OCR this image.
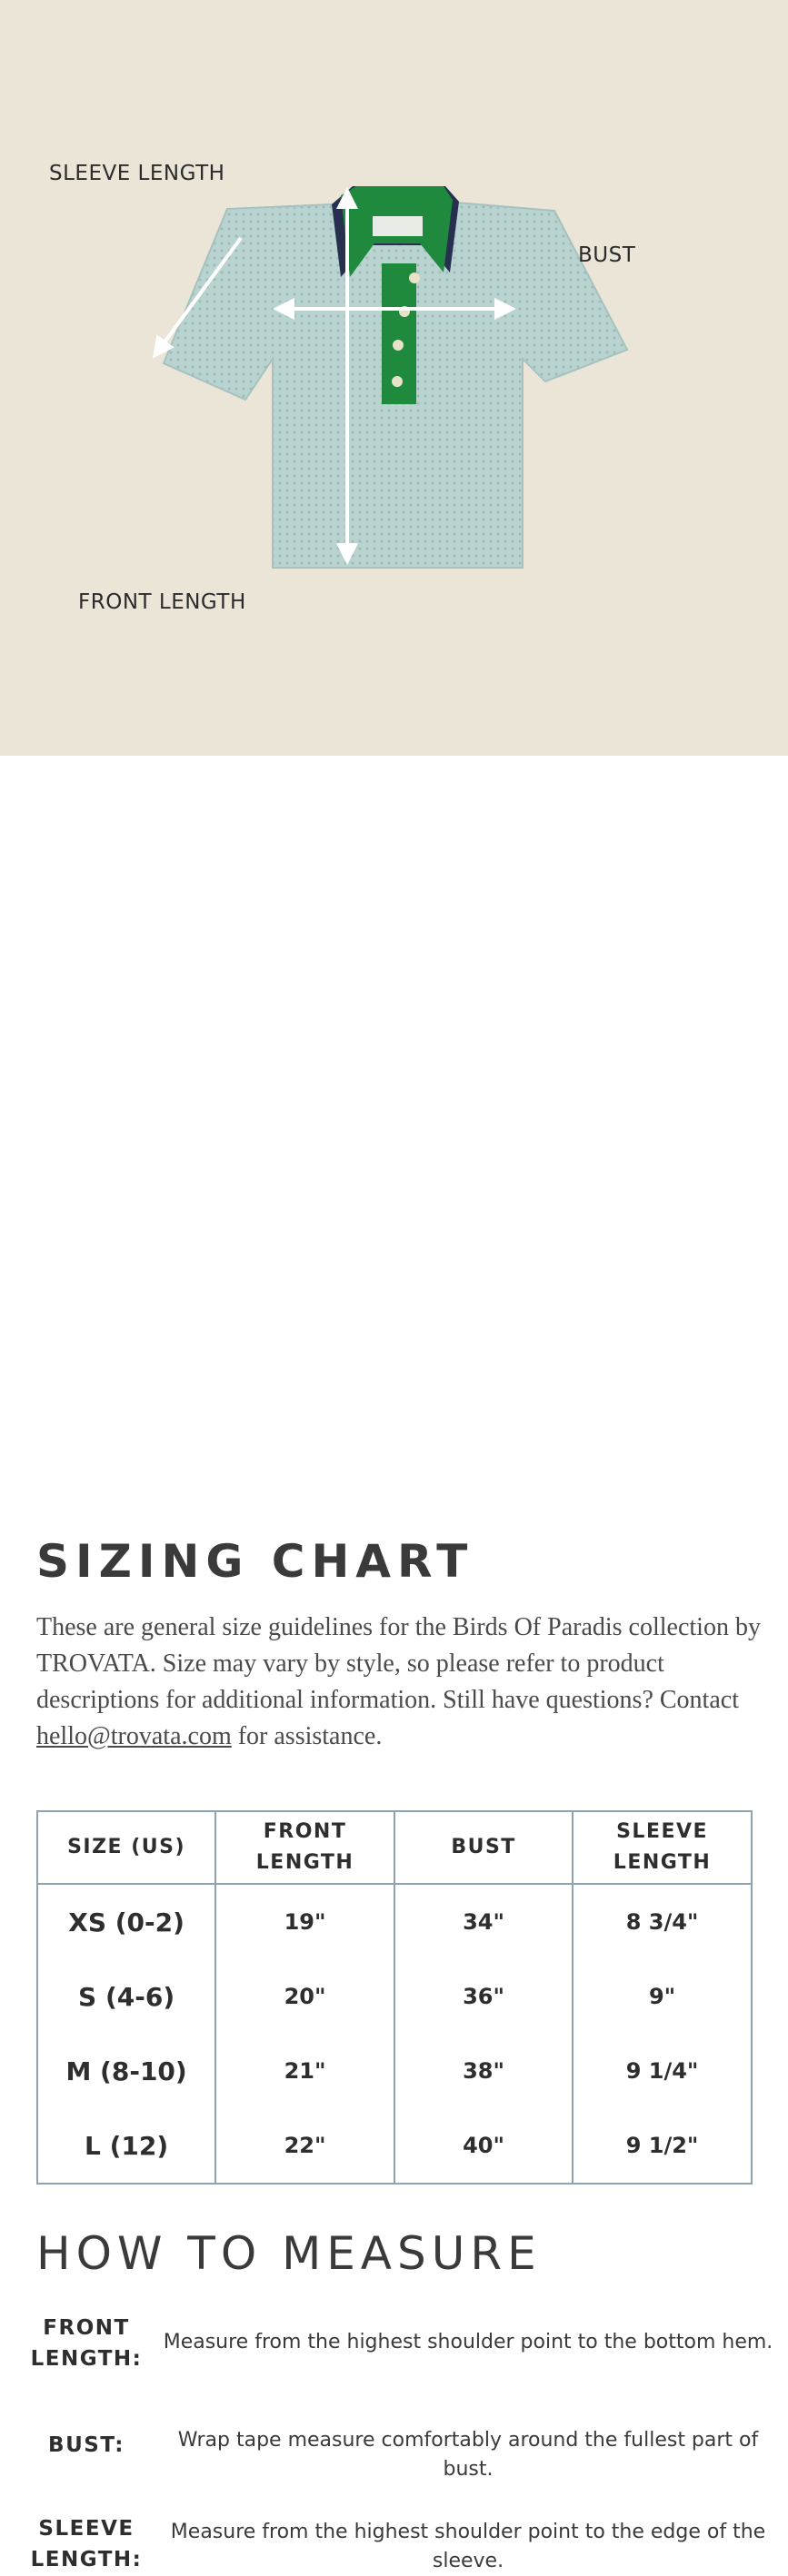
SLEEVE LENGTH
BUST
FRONT LENGTH
SIZING CHART

These are general size guidelines for the Birds Of Paradis collection by TROVATA. Size may vary by style, so please refer to product descriptions for additional information. Still have questions? Contact hello@trovata.com for assistance.

SIZE (US)	FRONT LENGTH	BUST	SLEEVE LENGTH
XS (0-2)	19"	34"	8 3/4"
S (4-6)	20"	36"	9"
M (8-10)	21"	38"	9 1/4"
L (12)	22"	40"	9 1/2"
HOW TO MEASURE
FRONT LENGTH:
Measure from the highest shoulder point to the bottom hem.
BUST:	Wrap tape measure comfortably around the fullest part of bust.
SLEEVE LENGTH:
Measure from the highest shoulder point to the edge of the sleeve.
